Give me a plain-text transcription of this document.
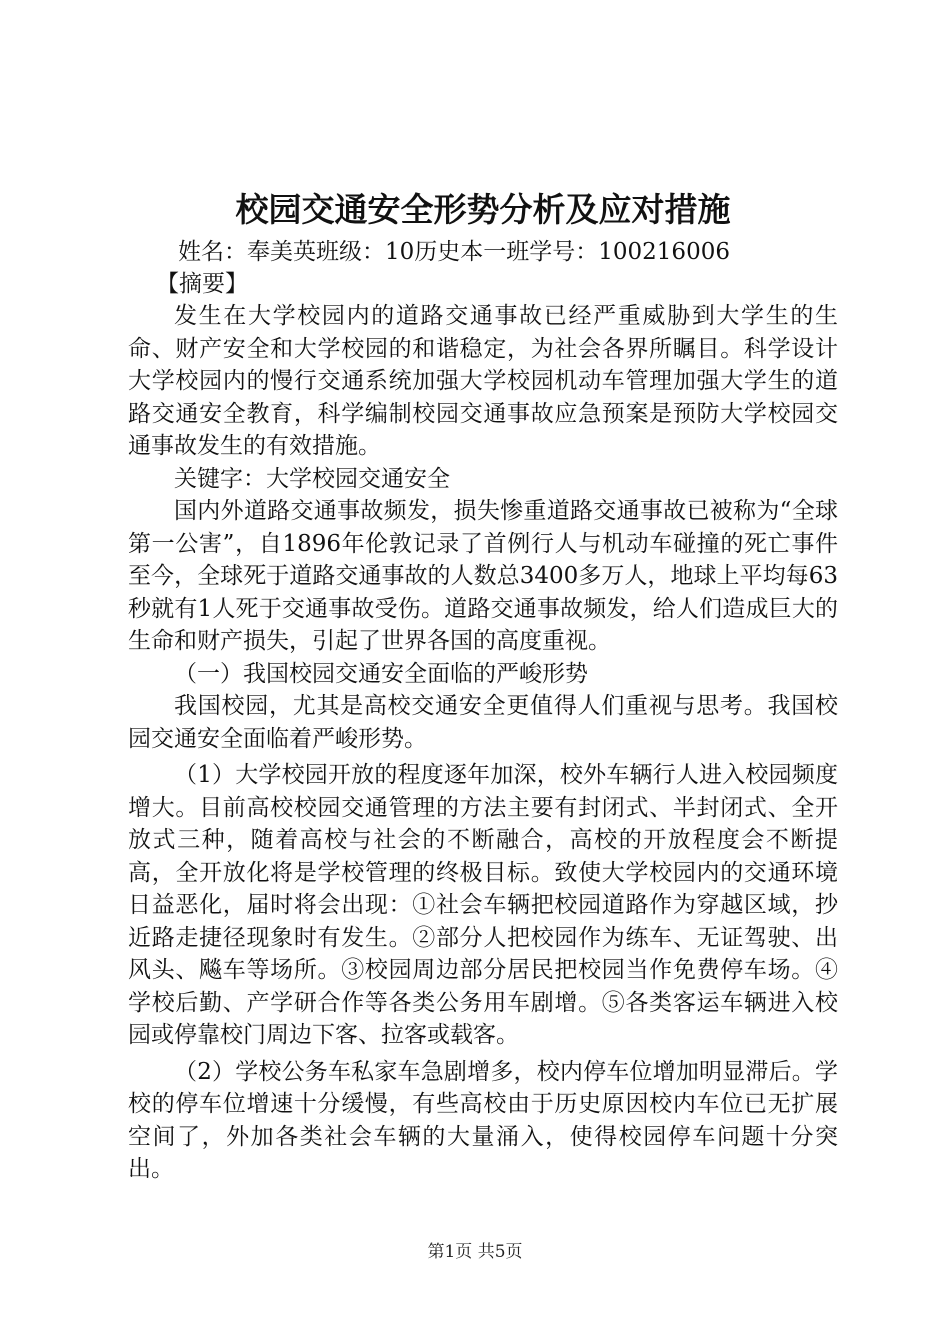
校园交通安全形势分析及应对措施

姓名：奉美英班级：10历史本一班学号：100216006

【摘要】

发生在大学校园内的道路交通事故已经严重威胁到大学生的生命、财产安全和大学校园的和谐稳定，为社会各界所瞩目。科学设计大学校园内的慢行交通系统加强大学校园机动车管理加强大学生的道路交通安全教育，科学编制校园交通事故应急预案是预防大学校园交通事故发生的有效措施。

关键字：大学校园交通安全

国内外道路交通事故频发，损失惨重道路交通事故已被称为“全球第一公害”，自1896年伦敦记录了首例行人与机动车碰撞的死亡事件至今，全球死于道路交通事故的人数总3400多万人，地球上平均每63秒就有1人死于交通事故受伤。道路交通事故频发，给人们造成巨大的生命和财产损失，引起了世界各国的高度重视。

（一）我国校园交通安全面临的严峻形势

我国校园，尤其是高校交通安全更值得人们重视与思考。我国校园交通安全面临着严峻形势。

（1）大学校园开放的程度逐年加深，校外车辆行人进入校园频度增大。目前高校校园交通管理的方法主要有封闭式、半封闭式、全开放式三种，随着高校与社会的不断融合，高校的开放程度会不断提高，全开放化将是学校管理的终极目标。致使大学校园内的交通环境日益恶化，届时将会出现：①社会车辆把校园道路作为穿越区域，抄近路走捷径现象时有发生。②部分人把校园作为练车、无证驾驶、出风头、飚车等场所。③校园周边部分居民把校园当作免费停车场。④学校后勤、产学研合作等各类公务用车剧增。⑤各类客运车辆进入校园或停靠校门周边下客、拉客或载客。

（2）学校公务车私家车急剧增多，校内停车位增加明显滞后。学校的停车位增速十分缓慢，有些高校由于历史原因校内车位已无扩展空间了，外加各类社会车辆的大量涌入，使得校园停车问题十分突出。

第1页 共5页
